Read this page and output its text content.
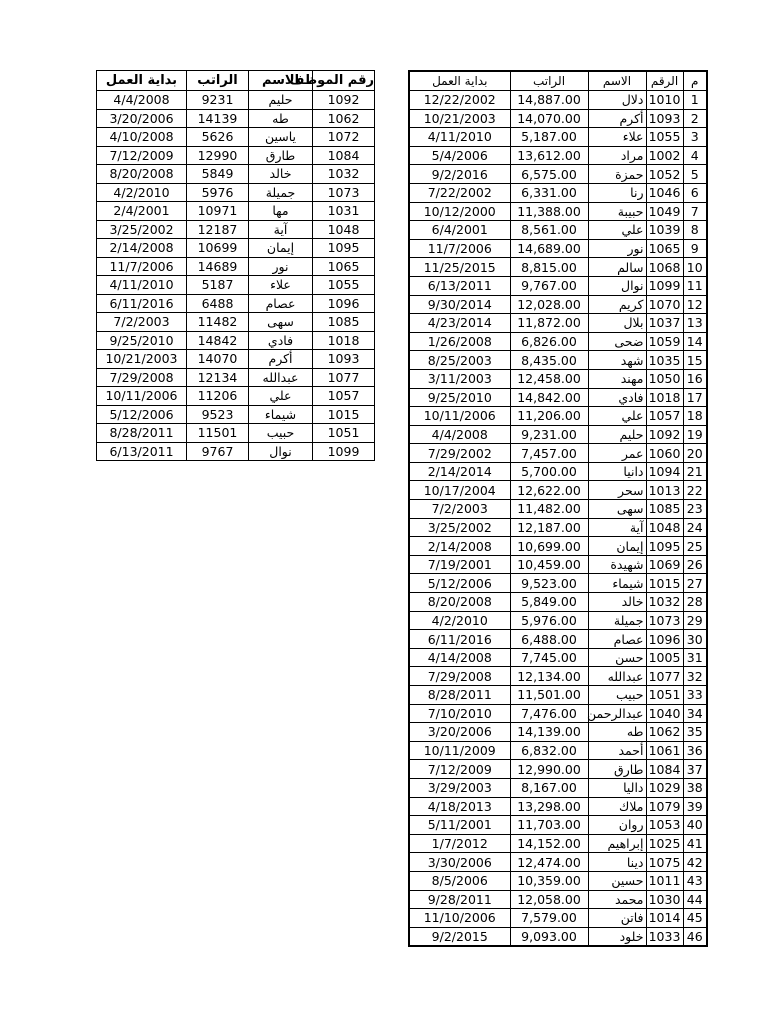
بداية العمل	الراتب	الاسم	رقم الموظف
4/4/2008	9231	حليم	1092
3/20/2006	14139	طه	1062
4/10/2008	5626	ياسين	1072
7/12/2009	12990	طارق	1084
8/20/2008	5849	خالد	1032
4/2/2010	5976	جميلة	1073
2/4/2001	10971	مها	1031
3/25/2002	12187	آية	1048
2/14/2008	10699	إيمان	1095
11/7/2006	14689	نور	1065
4/11/2010	5187	علاء	1055
6/11/2016	6488	عصام	1096
7/2/2003	11482	سهى	1085
9/25/2010	14842	فادي	1018
10/21/2003	14070	أكرم	1093
7/29/2008	12134	عبدالله	1077
10/11/2006	11206	علي	1057
5/12/2006	9523	شيماء	1015
8/28/2011	11501	حبيب	1051
6/13/2011	9767	نوال	1099
بداية العمل	الراتب	الاسم	الرقم	م
12/22/2002	14,887.00	دلال	1010	1
10/21/2003	14,070.00	أكرم	1093	2
4/11/2010	5,187.00	علاء	1055	3
5/4/2006	13,612.00	مراد	1002	4
9/2/2016	6,575.00	حمزة	1052	5
7/22/2002	6,331.00	رنا	1046	6
10/12/2000	11,388.00	حبيبة	1049	7
6/4/2001	8,561.00	علي	1039	8
11/7/2006	14,689.00	نور	1065	9
11/25/2015	8,815.00	سالم	1068	10
6/13/2011	9,767.00	نوال	1099	11
9/30/2014	12,028.00	كريم	1070	12
4/23/2014	11,872.00	بلال	1037	13
1/26/2008	6,826.00	ضحى	1059	14
8/25/2003	8,435.00	شهد	1035	15
3/11/2003	12,458.00	مهند	1050	16
9/25/2010	14,842.00	فادي	1018	17
10/11/2006	11,206.00	علي	1057	18
4/4/2008	9,231.00	حليم	1092	19
7/29/2002	7,457.00	عمر	1060	20
2/14/2014	5,700.00	دانيا	1094	21
10/17/2004	12,622.00	سحر	1013	22
7/2/2003	11,482.00	سهى	1085	23
3/25/2002	12,187.00	آية	1048	24
2/14/2008	10,699.00	إيمان	1095	25
7/19/2001	10,459.00	شهيدة	1069	26
5/12/2006	9,523.00	شيماء	1015	27
8/20/2008	5,849.00	خالد	1032	28
4/2/2010	5,976.00	جميلة	1073	29
6/11/2016	6,488.00	عصام	1096	30
4/14/2008	7,745.00	حسن	1005	31
7/29/2008	12,134.00	عبدالله	1077	32
8/28/2011	11,501.00	حبيب	1051	33
7/10/2010	7,476.00	عبدالرحمن	1040	34
3/20/2006	14,139.00	طه	1062	35
10/11/2009	6,832.00	أحمد	1061	36
7/12/2009	12,990.00	طارق	1084	37
3/29/2003	8,167.00	داليا	1029	38
4/18/2013	13,298.00	ملاك	1079	39
5/11/2001	11,703.00	روان	1053	40
1/7/2012	14,152.00	إبراهيم	1025	41
3/30/2006	12,474.00	دينا	1075	42
8/5/2006	10,359.00	حسين	1011	43
9/28/2011	12,058.00	محمد	1030	44
11/10/2006	7,579.00	فاتن	1014	45
9/2/2015	9,093.00	خلود	1033	46
